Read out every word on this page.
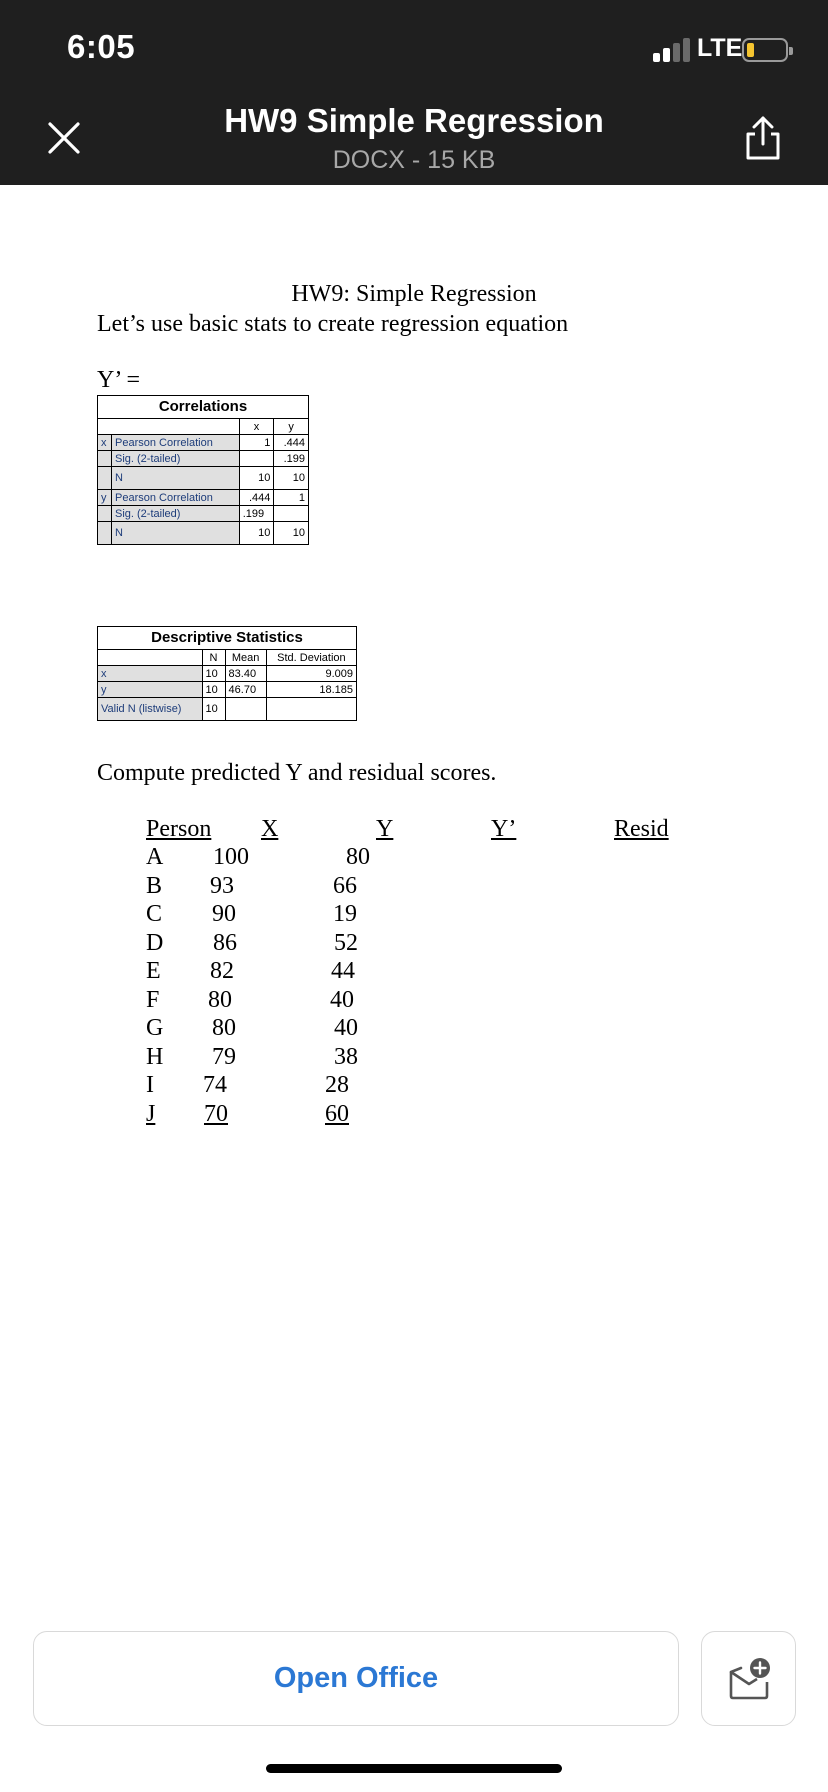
6:05	LTE
HW9 Simple Regression
DOCX - 15 KB
HW9: Simple Regression
Let’s use basic stats to create regression equation
Y’ =
Correlations
		x	y
x	Pearson Correlation	1	.444
	Sig. (2-tailed)		.199
	N	10	10
y	Pearson Correlation	.444	1
	Sig. (2-tailed)	.199	
	N	10	10
Descriptive Statistics
	N	Mean	Std. Deviation
x	10	83.40	9.009
y	10	46.70	18.185
Valid N (listwise)	10		
Compute predicted Y and residual scores.
Person X	Y	Y’	Resid
A 100	80
B 93	66
C 90	19
D 86	52
E 82	44
F 80	40
G 80	40
H 79	38
I 74	28
J 70	60
Open Office
